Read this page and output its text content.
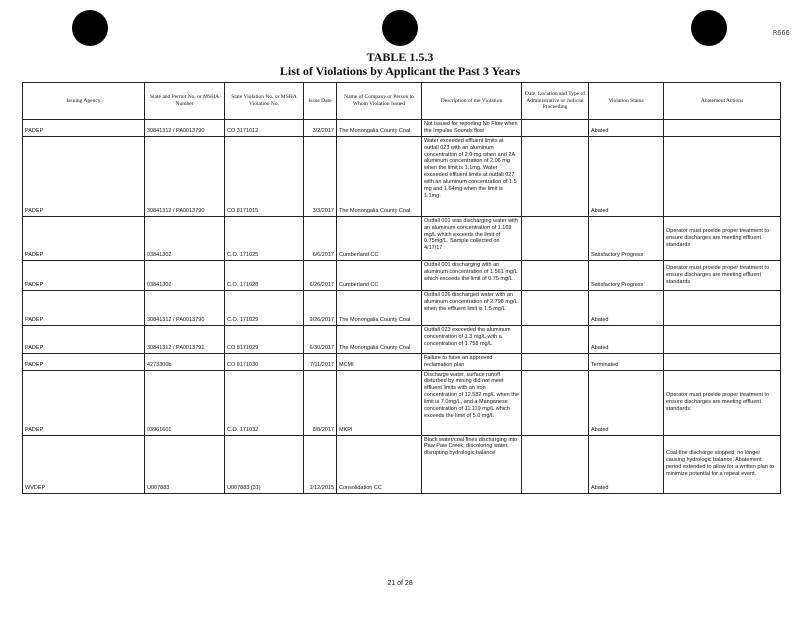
R666
TABLE 1.5.3
List of Violations by Applicant the Past 3 Years
Issuing Agency	State and Permit No. or MSHA Number	State Violation No. or MSHA Violation No.	Issue Date	Name of Company or Person to Whom Violation Issued	Description of the Violation	Date, Location and Type of Administrative or Judicial Proceeding	Violation Status	Abatement Actions
PADEP	30841312 / PA0013790	CO 3171012	3/2/2017	The Monongalia County Coal	Not issued for reporting No Flow when the Impulse Sounds flow		Abated	
PADEP	30841312 / PA0013790	CO 8171015	3/3/2017	The Monongalia County Coal	Water exceeded effluent limits at outfall 023 with an aluminum concentration of 2.0 mg when and 2A aluminum concentration of 2.06 mg when the limit is 1.1mg. Water exceeded effluent limits at outfall 027 with an aluminum concentration of 1.5 mg and 1.64mg when the limit is 1.1mg.		Abated	
PADEP	03841302	C.O. 171025	6/6/2017	Cumberland CC	Outfall 001 was discharging water with an aluminum concentration of 1.169 mg/L which exceeds the limit of 0.75mg/L. Sample collected on 4/17/17		Satisfactory Progress	Operator must provide proper treatment to ensure discharges are meeting effluent standards
PADEP	03841302	C.O. 171028	6/26/2017	Cumberland CC	Outfall 001 discharging with an aluminum concentration of 1.561 mg/L which exceeds the limit of 0.75 mg/L		Satisfactory Progress	Operator must provide proper treatment to ensure discharges are meeting effluent standards
PADEP	30841312 / PA0013790	C.O. 171029	9/26/2017	The Monongalia County Coal	Outfall 026 discharged water with an aluminum concentration of 2.798 mg/L when the effluent limit is 1.5 mg/L		Abated	
PADEP	30841312 / PA0013791	CO 8171029	6/30/2017	The Monongalia County Coal	Outfall 023 exceeded the aluminum concentration of 1.3 mg/L with a concentration of 1.758 mg/L		Abated	
PADEP	4273300b	CO 8171030	7/11/2017	MCMI	Failure to have an approved reclamation plan		Terminated	
PADEP	03961601	C.O. 171032	8/8/2017	MKPI	Discharge water, surface runoff disturbed by mining did not meet effluent limits with an iron concentration of 12.582 mg/L when the limit is 7.0mg/L, and a Manganese concentration of 11.119 mg/L which exceeds the limit of 5.0 mg/L		Abated	Operator must provide proper treatment to ensure discharges are meeting effluent standards.
WVDEP	U007883	U007883 (31)	1/12/2015	Consolidation CC	Black water/coal fines discharging into Paw Paw Creek; discoloring water, disrupting hydrologic balance		Abated	Coal fine discharge stopped; no longer causing hydrologic balance. Abatement period extended to allow for a written plan to minimize potential for a repeat event.
21 of 28
